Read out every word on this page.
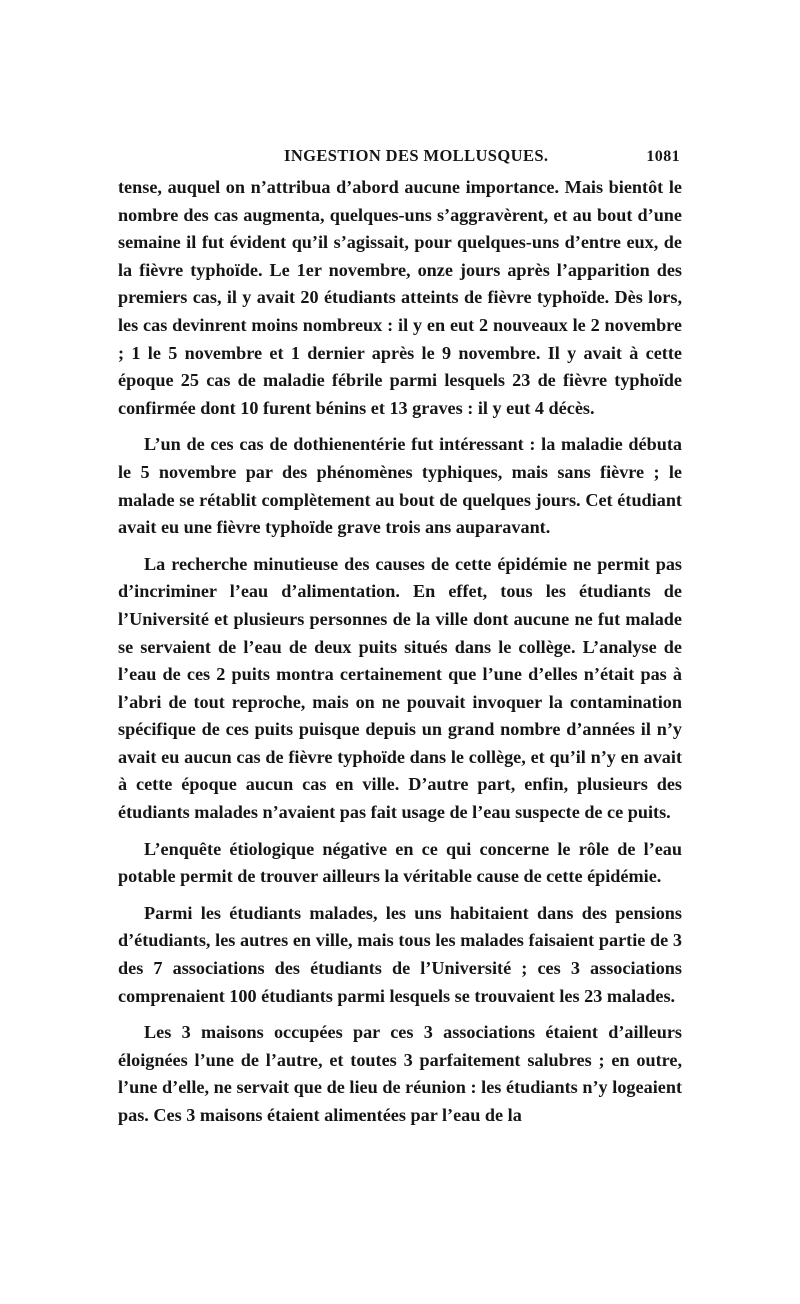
INGESTION DES MOLLUSQUES.	1081

tense, auquel on n’attribua d’abord aucune importance. Mais bientôt le nombre des cas augmenta, quelques-uns s’aggravèrent, et au bout d’une semaine il fut évident qu’il s’agissait, pour quelques-uns d’entre eux, de la fièvre typhoïde. Le 1er novembre, onze jours après l’apparition des premiers cas, il y avait 20 étudiants atteints de fièvre typhoïde. Dès lors, les cas devinrent moins nombreux : il y en eut 2 nouveaux le 2 novembre ; 1 le 5 novembre et 1 dernier après le 9 novembre. Il y avait à cette époque 25 cas de maladie fébrile parmi lesquels 23 de fièvre typhoïde confirmée dont 10 furent bénins et 13 graves : il y eut 4 décès.

L’un de ces cas de dothienentérie fut intéressant : la maladie débuta le 5 novembre par des phénomènes typhiques, mais sans fièvre ; le malade se rétablit complètement au bout de quelques jours. Cet étudiant avait eu une fièvre typhoïde grave trois ans auparavant.

La recherche minutieuse des causes de cette épidémie ne permit pas d’incriminer l’eau d’alimentation. En effet, tous les étudiants de l’Université et plusieurs personnes de la ville dont aucune ne fut malade se servaient de l’eau de deux puits situés dans le collège. L’analyse de l’eau de ces 2 puits montra certainement que l’une d’elles n’était pas à l’abri de tout reproche, mais on ne pouvait invoquer la contamination spécifique de ces puits puisque depuis un grand nombre d’années il n’y avait eu aucun cas de fièvre typhoïde dans le collège, et qu’il n’y en avait à cette époque aucun cas en ville. D’autre part, enfin, plusieurs des étudiants malades n’avaient pas fait usage de l’eau suspecte de ce puits.

L’enquête étiologique négative en ce qui concerne le rôle de l’eau potable permit de trouver ailleurs la véritable cause de cette épidémie.

Parmi les étudiants malades, les uns habitaient dans des pensions d’étudiants, les autres en ville, mais tous les malades faisaient partie de 3 des 7 associations des étudiants de l’Université ; ces 3 associations comprenaient 100 étudiants parmi lesquels se trouvaient les 23 malades.

Les 3 maisons occupées par ces 3 associations étaient d’ailleurs éloignées l’une de l’autre, et toutes 3 parfaitement salubres ; en outre, l’une d’elle, ne servait que de lieu de réunion : les étudiants n’y logeaient pas. Ces 3 maisons étaient alimentées par l’eau de la
